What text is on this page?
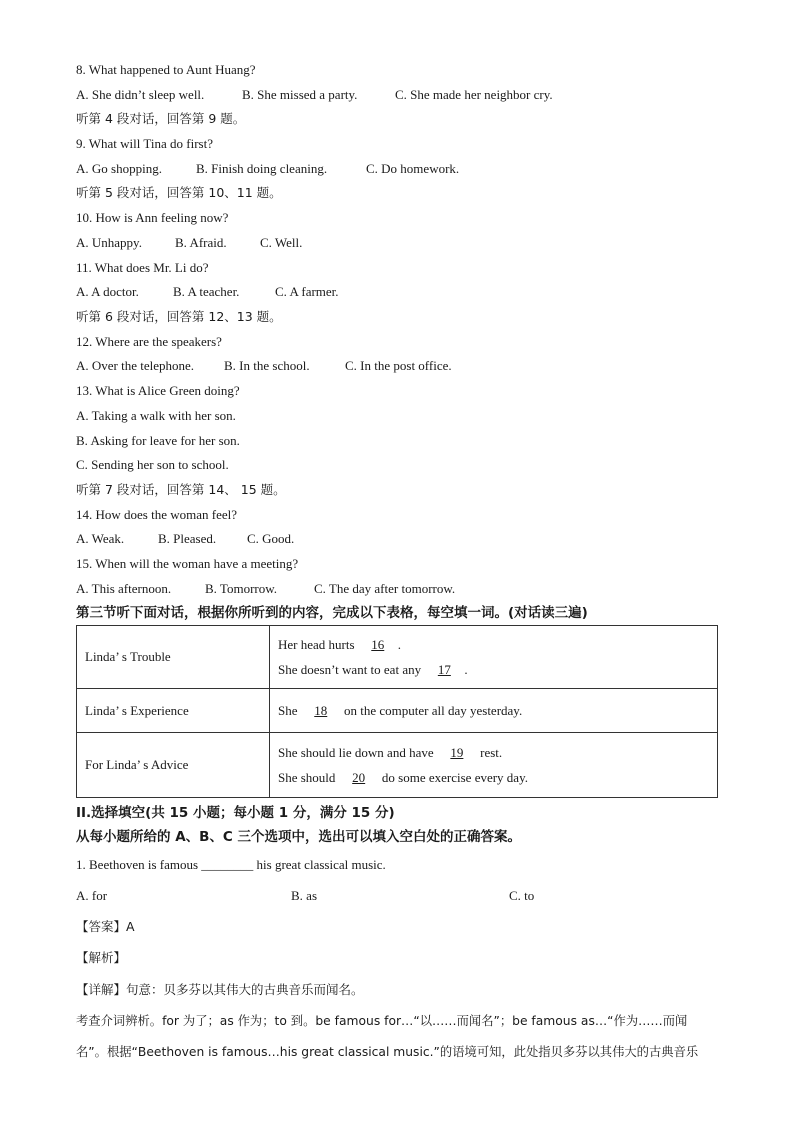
8. What happened to Aunt Huang?
A. She didn’t sleep well.	B. She missed a party.	C. She made her neighbor cry.
听第 4 段对话，回答第 9 题。
9. What will Tina do first?
A. Go shopping.	B. Finish doing cleaning.	C. Do homework.
听第 5 段对话，回答第 10、11 题。
10. How is Ann feeling now?
A. Unhappy.	B. Afraid.	C. Well.
11. What does Mr. Li do?
A. A doctor.	B. A teacher.	C. A farmer.
听第 6 段对话，回答第 12、13 题。
12. Where are the speakers?
A. Over the telephone. B. In the school.	C. In the post office.
13. What is Alice Green doing?
A. Taking a walk with her son.
B. Asking for leave for her son.
C. Sending her son to school.
听第 7 段对话，回答第 14、 15 题。
14. How does the woman feel?
A. Weak.	B. Pleased. C. Good.
15. When will the woman have a meeting?
A. This afternoon.	B. Tomorrow.	C. The day after tomorrow.
第三节听下面对话，根据你所听到的内容，完成以下表格，每空填一词。(对话读三遍)
Linda’ s Trouble	Her head hurts 16 .
She doesn’t want to eat any 17 .

Linda’ s Experience	She 18 on the computer all day yesterday.

For Linda’ s Advice	She should lie down and have 19 rest.
She should 20 do some exercise every day.
II.选择填空(共 15 小题；每小题 1 分，满分 15 分)
从每小题所给的 A、B、C 三个选项中，选出可以填入空白处的正确答案。
1. Beethoven is famous ________ his great classical music.
A. for	B. as	C. to
【答案】A
【解析】
【详解】句意：贝多芬以其伟大的古典音乐而闻名。
考查介词辨析。for 为了；as 作为；to 到。be famous for…“以……而闻名”；be famous as…“作为……而闻
名”。根据“Beethoven is famous…his great classical music.”的语境可知，此处指贝多芬以其伟大的古典音乐
